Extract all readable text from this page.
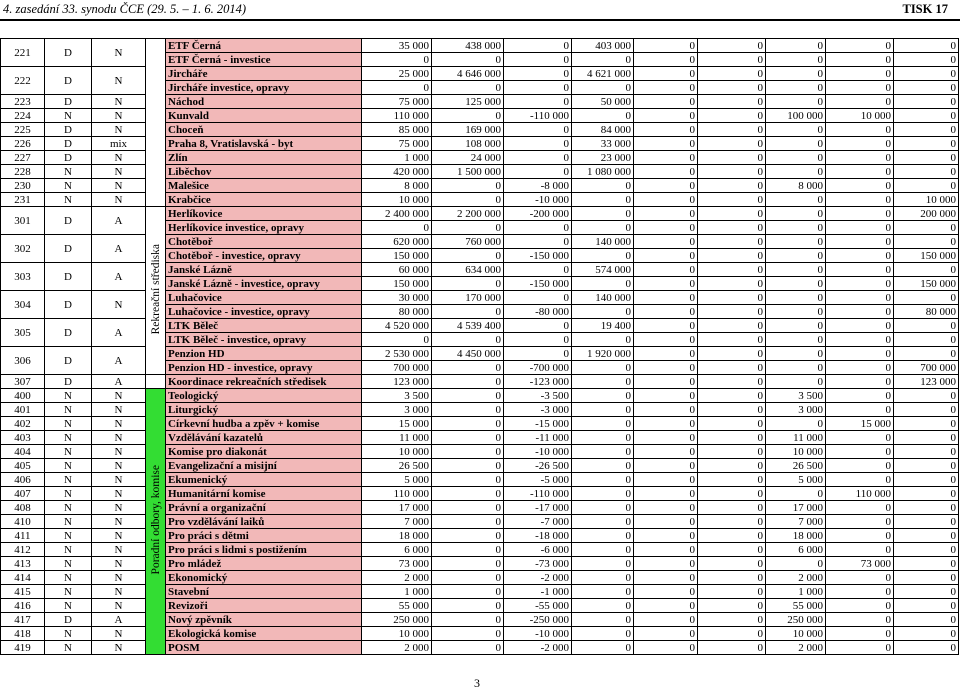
4. zasedání 33. synodu ČCE (29. 5. – 1. 6. 2014)	TISK 17
221	D	N		ETF Černá	35 000	438 000	0	403 000	0	0	0	0	0
				ETF Černá - investice	0	0	0	0	0	0	0	0	0
222	D	N		Jircháře	25 000	4 646 000	0	4 621 000	0	0	0	0	0
				Jircháře investice, opravy	0	0	0	0	0	0	0	0	0
223	D	N		Náchod	75 000	125 000	0	50 000	0	0	0	0	0
224	N	N		Kunvald	110 000	0	-110 000	0	0	0	100 000	10 000	0
225	D	N		Choceň	85 000	169 000	0	84 000	0	0	0	0	0
226	D	mix		Praha 8, Vratislavská - byt	75 000	108 000	0	33 000	0	0	0	0	0
227	D	N		Zlín	1 000	24 000	0	23 000	0	0	0	0	0
228	N	N		Liběchov	420 000	1 500 000	0	1 080 000	0	0	0	0	0
230	N	N		Malešice	8 000	0	-8 000	0	0	0	8 000	0	0
231	N	N		Krabčice	10 000	0	-10 000	0	0	0	0	0	10 000
301	D	A	Rekreační střediska	Herlíkovice	2 400 000	2 200 000	-200 000	0	0	0	0	0	200 000
				Herlíkovice investice, opravy	0	0	0	0	0	0	0	0	0
302	D	A		Chotěboř	620 000	760 000	0	140 000	0	0	0	0	0
				Chotěboř - investice, opravy	150 000	0	-150 000	0	0	0	0	0	150 000
303	D	A		Janské Lázně	60 000	634 000	0	574 000	0	0	0	0	0
				Janské Lázně - investice, opravy	150 000	0	-150 000	0	0	0	0	0	150 000
304	D	N		Luhačovice	30 000	170 000	0	140 000	0	0	0	0	0
				Luhačovice - investice, opravy	80 000	0	-80 000	0	0	0	0	0	80 000
305	D	A		LTK Běleč	4 520 000	4 539 400	0	19 400	0	0	0	0	0
				LTK Běleč - investice, opravy	0	0	0	0	0	0	0	0	0
306	D	A		Penzion HD	2 530 000	4 450 000	0	1 920 000	0	0	0	0	0
				Penzion HD - investice, opravy	700 000	0	-700 000	0	0	0	0	0	700 000
307	D	A		Koordinace rekreačních středisek	123 000	0	-123 000	0	0	0	0	0	123 000
400	N	N	Poradní odbory, komise	Teologický	3 500	0	-3 500	0	0	0	3 500	0	0
401	N	N		Liturgický	3 000	0	-3 000	0	0	0	3 000	0	0
402	N	N		Církevní hudba a zpěv + komise	15 000	0	-15 000	0	0	0	0	15 000	0
403	N	N		Vzdělávání kazatelů	11 000	0	-11 000	0	0	0	11 000	0	0
404	N	N		Komise pro diakonát	10 000	0	-10 000	0	0	0	10 000	0	0
405	N	N		Evangelizační a misijní	26 500	0	-26 500	0	0	0	26 500	0	0
406	N	N		Ekumenický	5 000	0	-5 000	0	0	0	5 000	0	0
407	N	N		Humanitární komise	110 000	0	-110 000	0	0	0	0	110 000	0
408	N	N		Právní a organizační	17 000	0	-17 000	0	0	0	17 000	0	0
410	N	N		Pro vzdělávání laiků	7 000	0	-7 000	0	0	0	7 000	0	0
411	N	N		Pro práci s dětmi	18 000	0	-18 000	0	0	0	18 000	0	0
412	N	N		Pro práci s lidmi s postižením	6 000	0	-6 000	0	0	0	6 000	0	0
413	N	N		Pro mládež	73 000	0	-73 000	0	0	0	0	73 000	0
414	N	N		Ekonomický	2 000	0	-2 000	0	0	0	2 000	0	0
415	N	N		Stavební	1 000	0	-1 000	0	0	0	1 000	0	0
416	N	N		Revizoři	55 000	0	-55 000	0	0	0	55 000	0	0
417	D	A		Nový zpěvník	250 000	0	-250 000	0	0	0	250 000	0	0
418	N	N		Ekologická komise	10 000	0	-10 000	0	0	0	10 000	0	0
419	N	N		POSM	2 000	0	-2 000	0	0	0	2 000	0	0
3
